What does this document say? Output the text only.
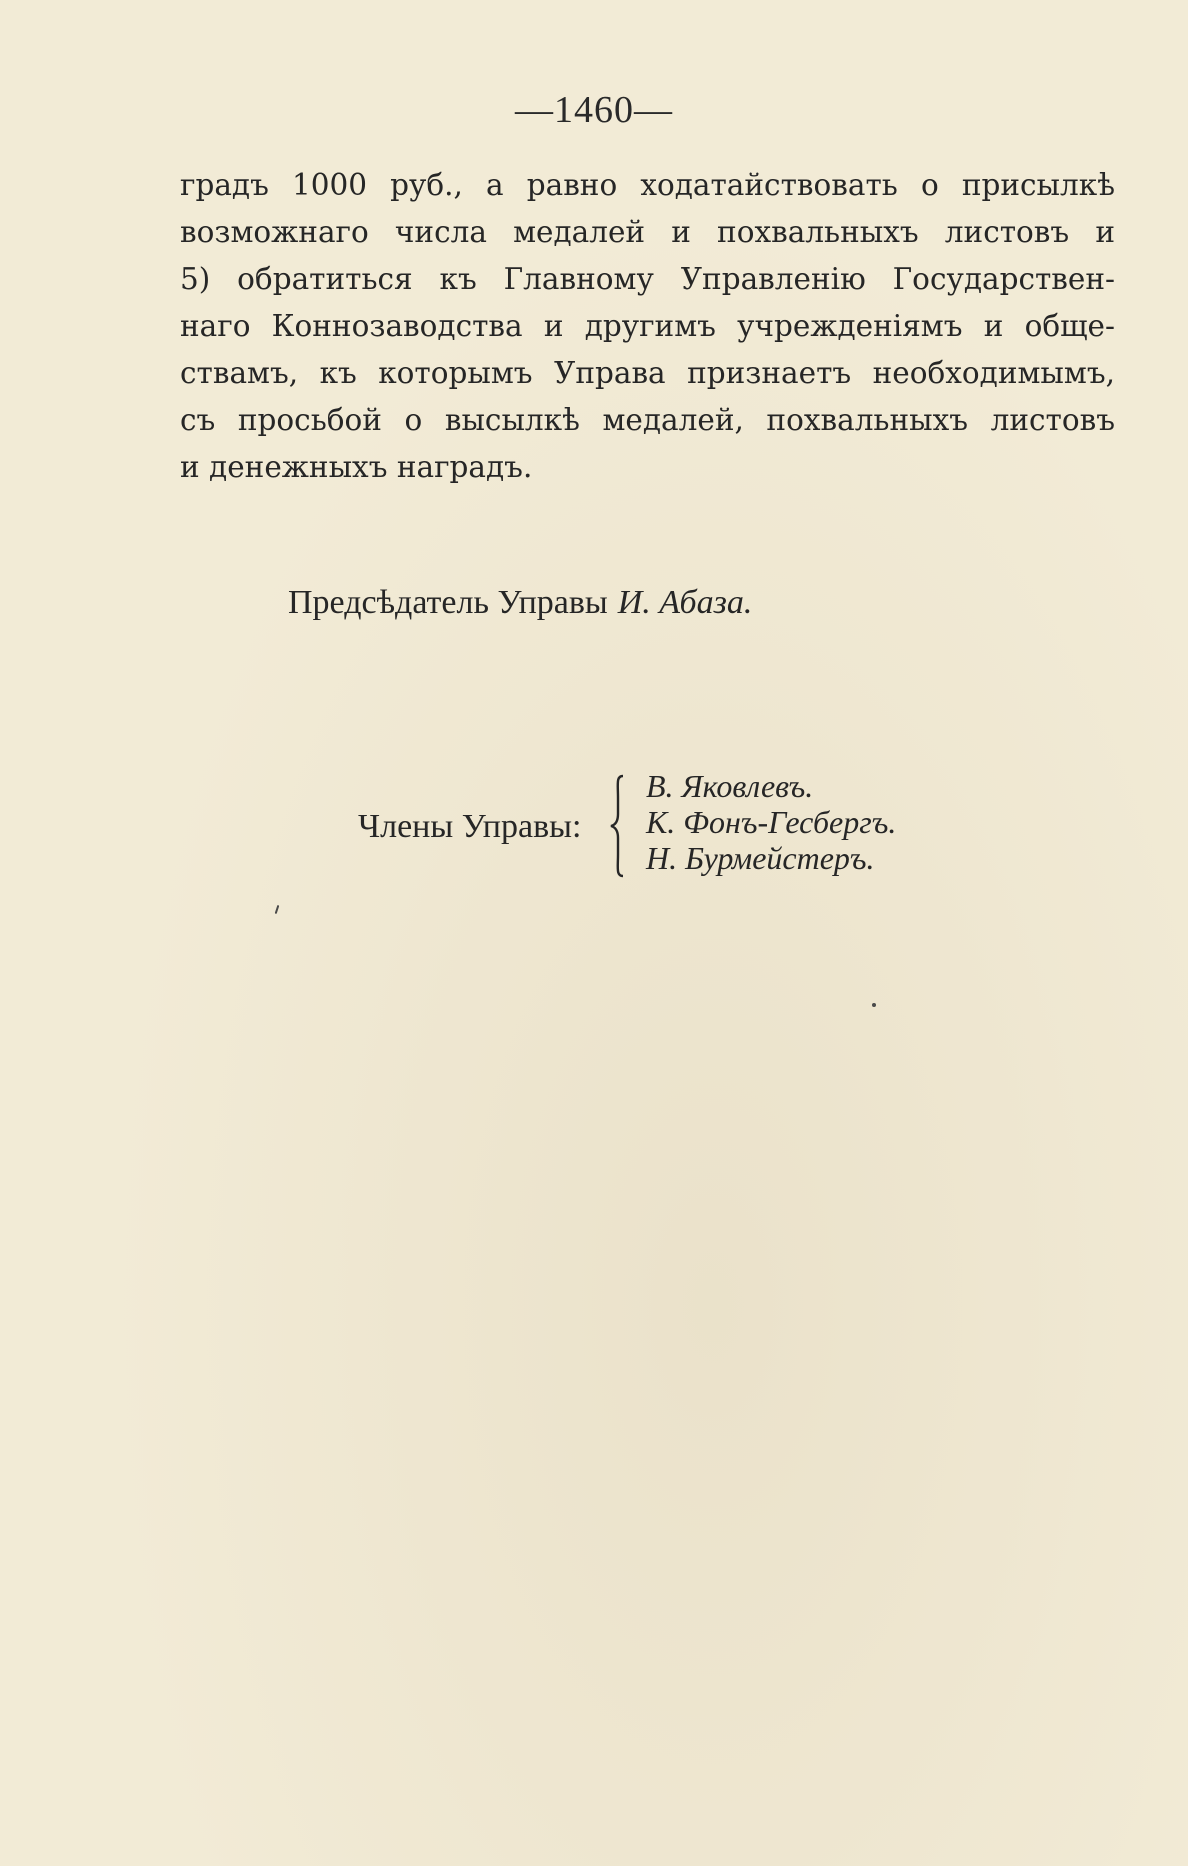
—1460—
градъ 1000 руб., а равно ходатайствовать о присылкѣ
возможнаго числа медалей и похвальныхъ листовъ и
5) обратиться къ Главному Управленію Государствен-
наго Коннозаводства и другимъ учрежденіямъ и обще-
ствамъ, къ которымъ Управа признаетъ необходимымъ,
съ просьбой о высылкѣ медалей, похвальныхъ листовъ
и денежныхъ наградъ.
Предсѣдатель Управы И. Абаза.
Члены Управы:
В. Яковлевъ.
К. Фонъ-Гесбергъ.
Н. Бурмейстеръ.
